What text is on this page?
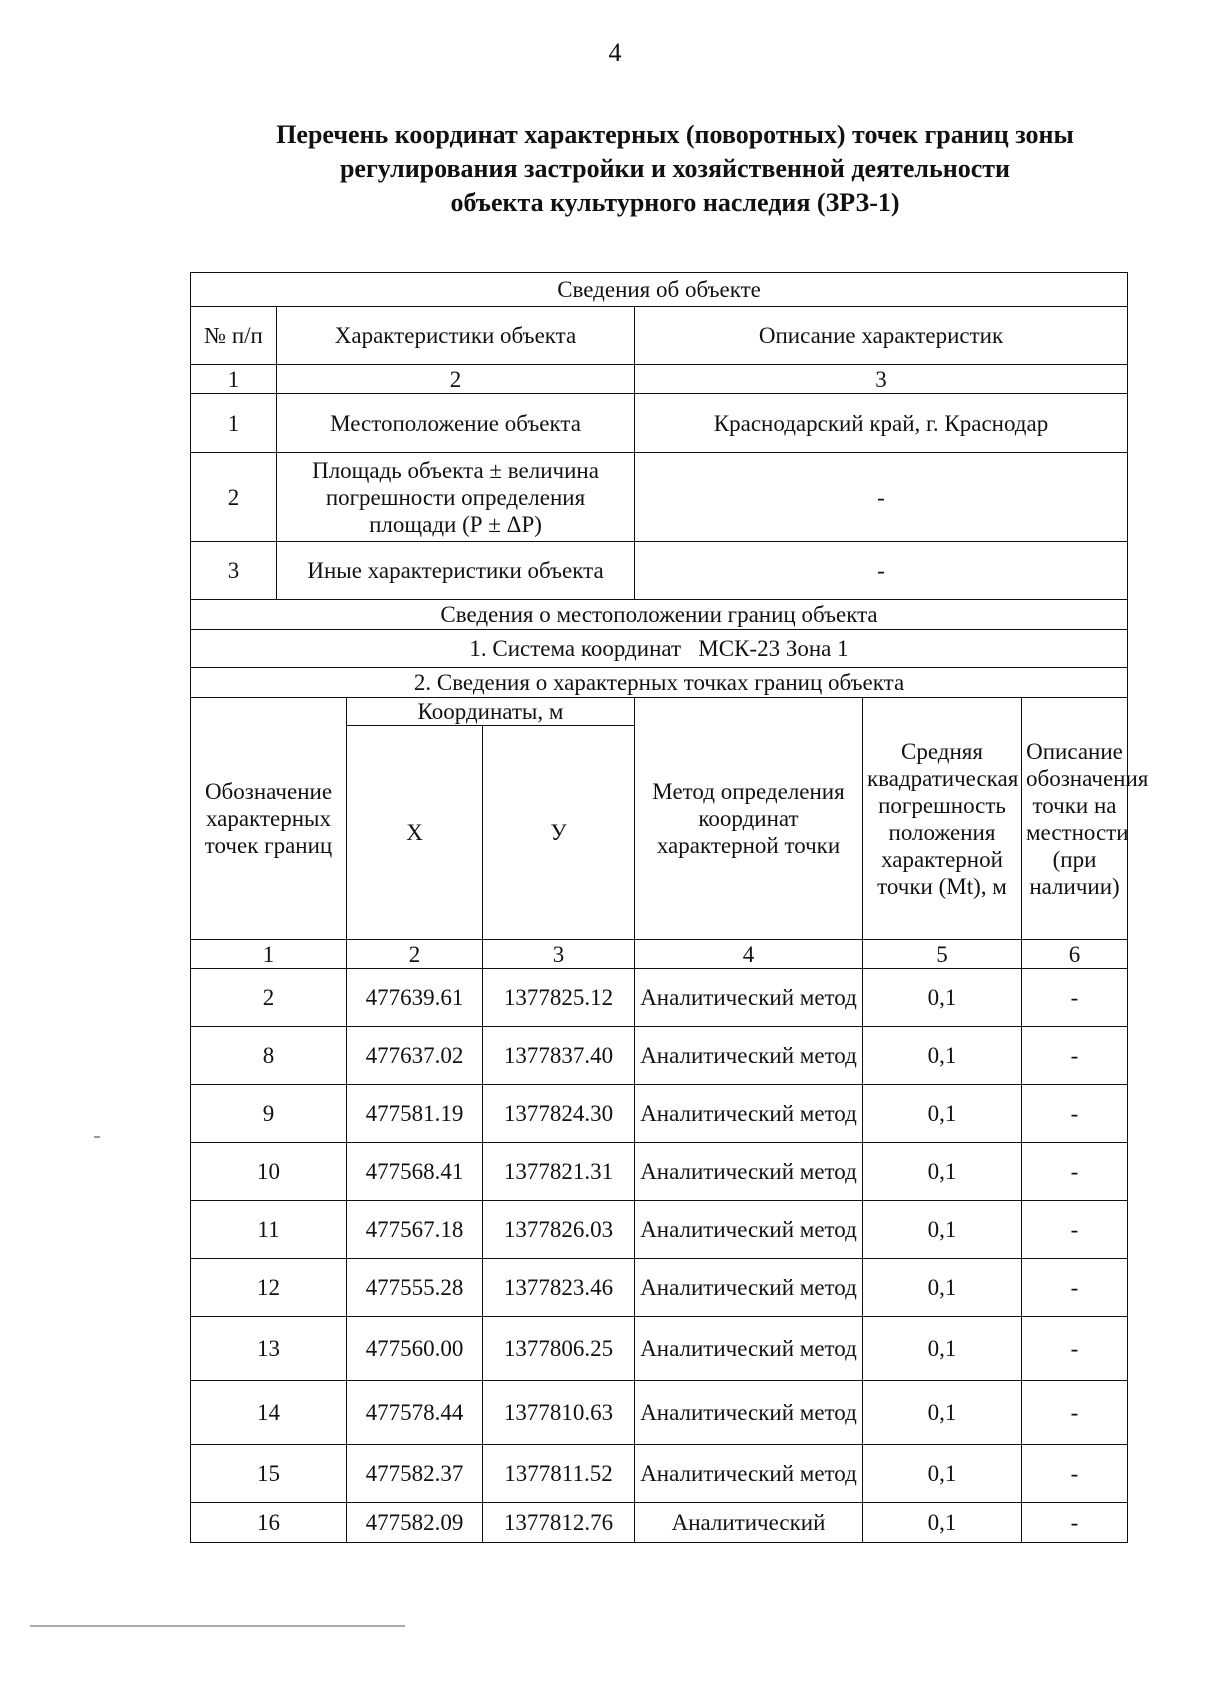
4
Перечень координат характерных (поворотных) точек границ зоны
регулирования застройки и хозяйственной деятельности
объекта культурного наследия (ЗРЗ-1)
Сведения об объекте						
№ п/п	Характеристики объекта			Описание характеристик		
1	2			3		
1	Местоположение объекта			Краснодарский край, г. Краснодар		
2	Площадь объекта ± величина погрешности определения площади (Р ± ΔР)			-		
3	Иные характеристики объекта			-		
Сведения о местоположении границ объекта						
1. Система координат МСК-23 Зона 1						
2. Сведения о характерных точках границ объекта						
Обозначение характерных точек границ		Координаты, м		Метод определения координат характерной точки	Средняя квадратическая погрешность положения характерной точки (Mt), м	Описание обозначения точки на местности (при наличии)
		X	У			
1		2	3	4	5	6
2		477639.61	1377825.12	Аналитический метод	0,1	-
8		477637.02	1377837.40	Аналитический метод	0,1	-
9		477581.19	1377824.30	Аналитический метод	0,1	-
10		477568.41	1377821.31	Аналитический метод	0,1	-
11		477567.18	1377826.03	Аналитический метод	0,1	-
12		477555.28	1377823.46	Аналитический метод	0,1	-
13		477560.00	1377806.25	Аналитический метод	0,1	-
14		477578.44	1377810.63	Аналитический метод	0,1	-
15		477582.37	1377811.52	Аналитический метод	0,1	-
16		477582.09	1377812.76	Аналитический	0,1	-
